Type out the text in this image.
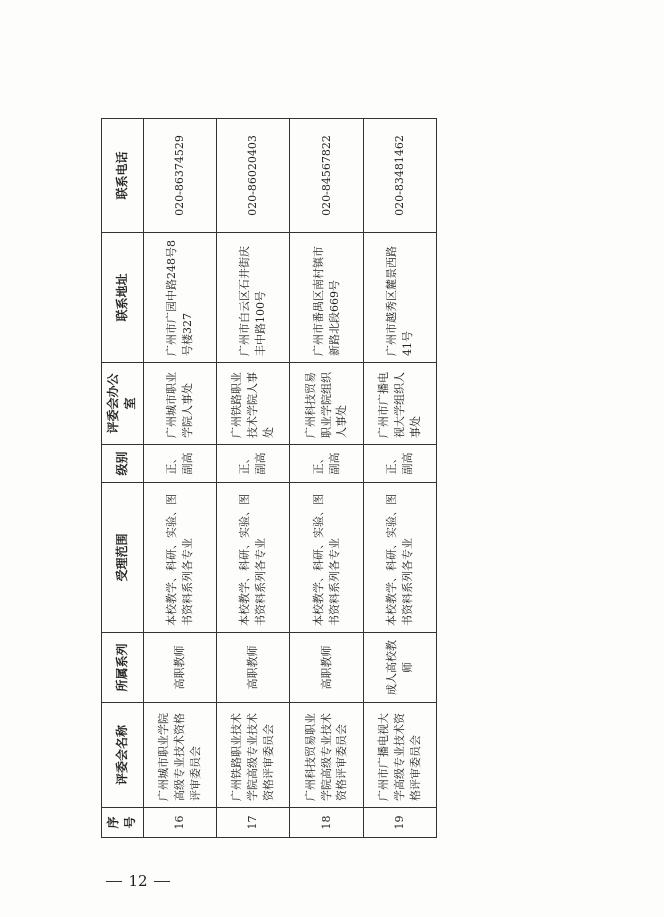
序号	评委会名称	所属系列	受理范围	级别	评委会办公室	联系地址	联系电话
16	广州城市职业学院高级专业技术资格评审委员会	高职教师	本校教学、科研、实验、图书资料系列各专业	正、副高	广州城市职业学院人事处	广州市广园中路248号8号楼327	020-86374529
17	广州铁路职业技术学院高级专业技术资格评审委员会	高职教师	本校教学、科研、实验、图书资料系列各专业	正、副高	广州铁路职业技术学院人事处	广州市白云区石井街庆丰中路100号	020-86020403
18	广州科技贸易职业学院高级专业技术资格评审委员会	高职教师	本校教学、科研、实验、图书资料系列各专业	正、副高	广州科技贸易职业学院组织人事处	广州市番禺区南村镇市新路北段669号	020-84567822
19	广州市广播电视大学高级专业技术资格评审委员会	成人高校教师	本校教学、科研、实验、图书资料系列各专业	正、副高	广州市广播电视大学组织人事处	广州市越秀区麓景西路41号	020-83481462
12
